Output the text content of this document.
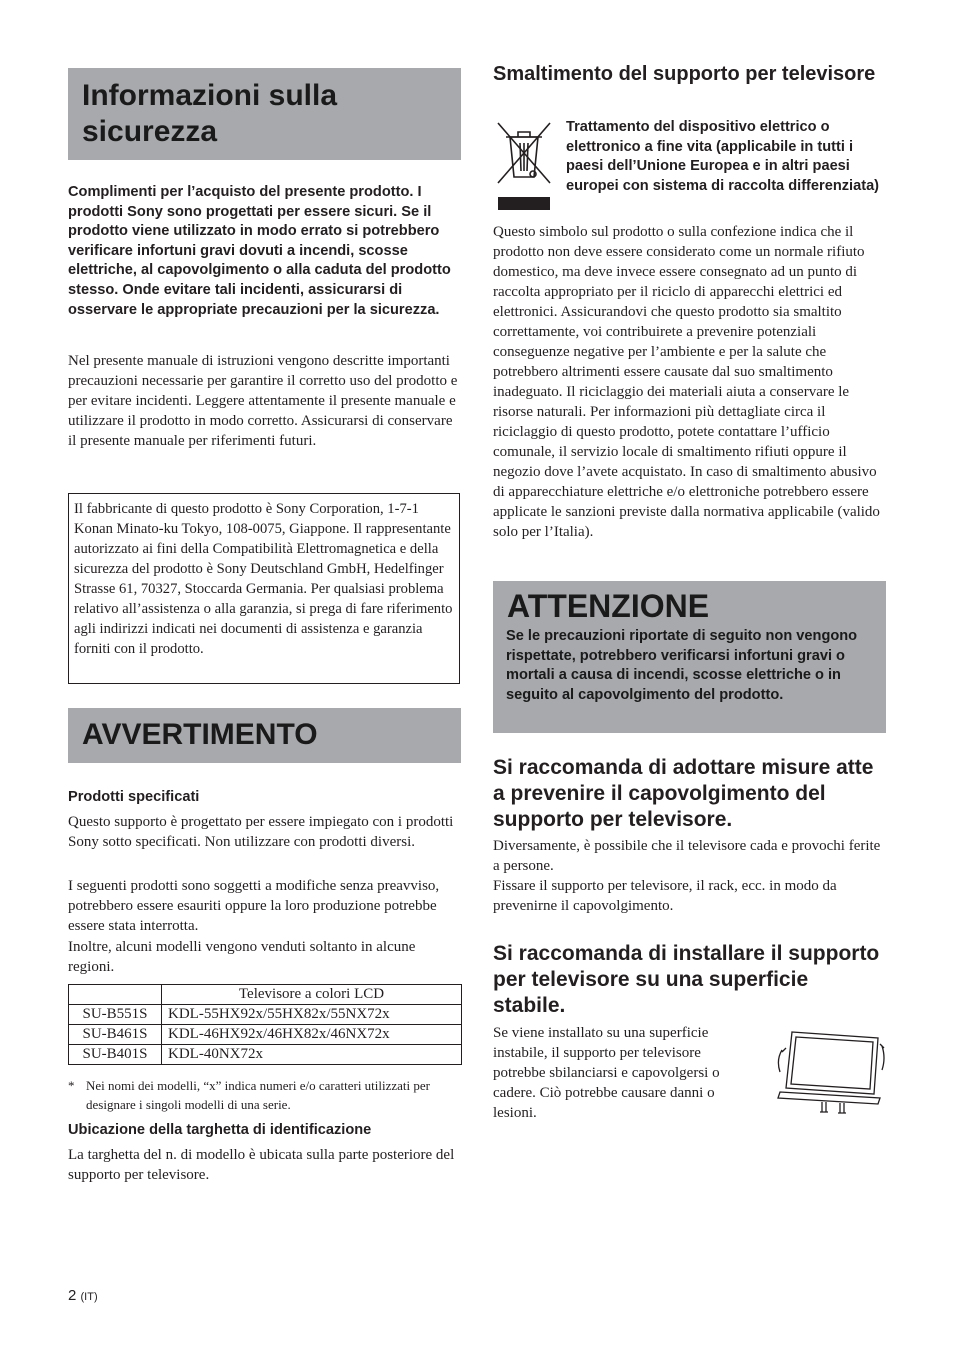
Informazioni sulla sicurezza

Complimenti per l’acquisto del presente prodotto. I prodotti Sony sono progettati per essere sicuri. Se il prodotto viene utilizzato in modo errato si potrebbero verificare infortuni gravi dovuti a incendi, scosse elettriche, al capovolgimento o alla caduta del prodotto stesso. Onde evitare tali incidenti, assicurarsi di osservare le appropriate precauzioni per la sicurezza.

Nel presente manuale di istruzioni vengono descritte importanti precauzioni necessarie per garantire il corretto uso del prodotto e per evitare incidenti. Leggere attentamente il presente manuale e utilizzare il prodotto in modo corretto. Assicurarsi di conservare il presente manuale per riferimenti futuri.

Il fabbricante di questo prodotto è Sony Corporation, 1-7-1 Konan Minato-ku Tokyo, 108-0075, Giappone. Il rappresentante autorizzato ai fini della Compatibilità Elettromagnetica e della sicurezza del prodotto è Sony Deutschland GmbH, Hedelfinger Strasse 61, 70327, Stoccarda Germania. Per qualsiasi problema relativo all’assistenza o alla garanzia, si prega di fare riferimento agli indirizzi indicati nei documenti di assistenza e garanzia forniti con il prodotto.

AVVERTIMENTO
Prodotti specificati

Questo supporto è progettato per essere impiegato con i prodotti Sony sotto specificati. Non utilizzare con prodotti diversi.

I seguenti prodotti sono soggetti a modifiche senza preavviso, potrebbero essere esauriti oppure la loro produzione potrebbe essere stata interrotta.

Inoltre, alcuni modelli vengono venduti soltanto in alcune regioni.

	Televisore a colori LCD
SU-B551S	KDL-55HX92x/55HX82x/55NX72x
SU-B461S	KDL-46HX92x/46HX82x/46NX72x
SU-B401S	KDL-40NX72x
* Nei nomi dei modelli, “x” indica numeri e/o caratteri utilizzati per designare i singoli modelli di una serie.
Ubicazione della targhetta di identificazione

La targhetta del n. di modello è ubicata sulla parte posteriore del supporto per televisore.

Smaltimento del supporto per televisore

Trattamento del dispositivo elettrico o elettronico a fine vita (applicabile in tutti i paesi dell’Unione Europea e in altri paesi europei con sistema di raccolta differenziata)

Questo simbolo sul prodotto o sulla confezione indica che il prodotto non deve essere considerato come un normale rifiuto domestico, ma deve invece essere consegnato ad un punto di raccolta appropriato per il riciclo di apparecchi elettrici ed elettronici. Assicurandovi che questo prodotto sia smaltito correttamente, voi contribuirete a prevenire potenziali conseguenze negative per l’ambiente e per la salute che potrebbero altrimenti essere causate dal suo smaltimento inadeguato. Il riciclaggio dei materiali aiuta a conservare le risorse naturali. Per informazioni più dettagliate circa il riciclaggio di questo prodotto, potete contattare l’ufficio comunale, il servizio locale di smaltimento rifiuti oppure il negozio dove l’avete acquistato. In caso di smaltimento abusivo di apparecchiature elettriche e/o elettroniche potrebbero essere applicate le sanzioni previste dalla normativa applicabile (valido solo per l’Italia).

ATTENZIONE

Se le precauzioni riportate di seguito non vengono rispettate, potrebbero verificarsi infortuni gravi o mortali a causa di incendi, scosse elettriche o in seguito al capovolgimento del prodotto.

Si raccomanda di adottare misure atte a prevenire il capovolgimento del supporto per televisore.

Diversamente, è possibile che il televisore cada e provochi ferite a persone.

Fissare il supporto per televisore, il rack, ecc. in modo da prevenirne il capovolgimento.

Si raccomanda di installare il supporto per televisore su una superficie stabile.

Se viene installato su una superficie instabile, il supporto per televisore potrebbe sbilanciarsi e capovolgersi o cadere. Ciò potrebbe causare danni o lesioni.

2 (IT)
